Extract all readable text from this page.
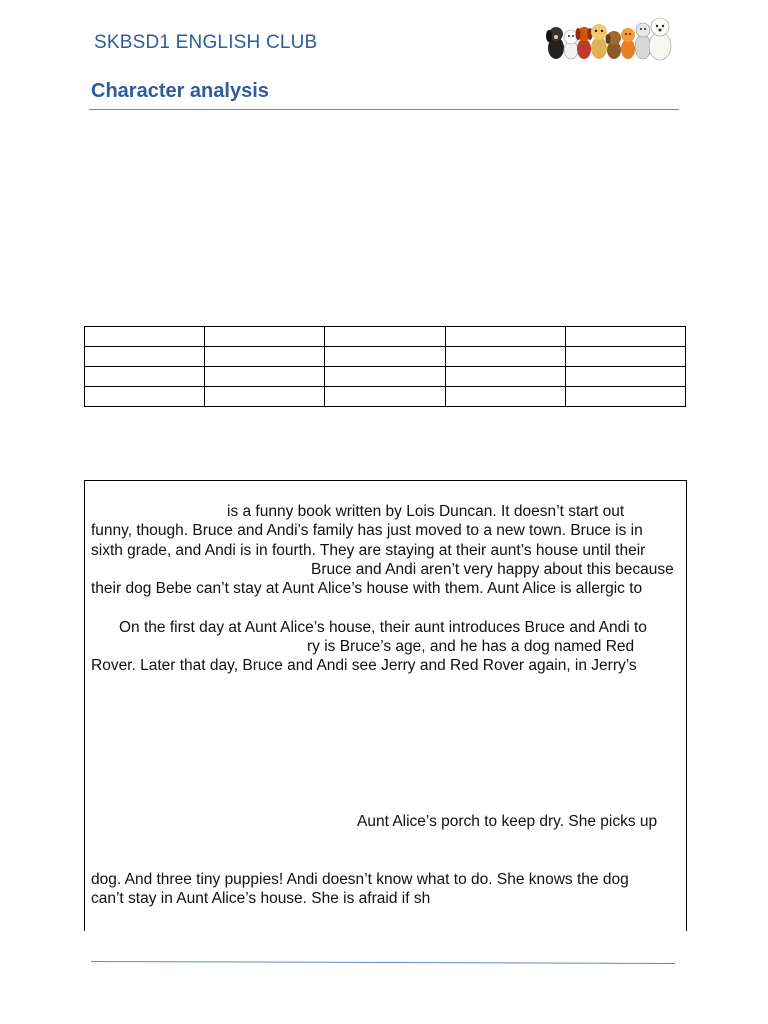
SKBSD1 ENGLISH CLUB
Character analysis

is a funny book written by Lois Duncan. It doesn’t start out
funny, though. Bruce and Andi’s family has just moved to a new town. Bruce is in
sixth grade, and Andi is in fourth. They are staying at their aunt’s house until their
Bruce and Andi aren’t very happy about this because
their dog Bebe can’t stay at Aunt Alice’s house with them. Aunt Alice is allergic to
On the first day at Aunt Alice’s house, their aunt introduces Bruce and Andi to
ry is Bruce’s age, and he has a dog named Red
Rover. Later that day, Bruce and Andi see Jerry and Red Rover again, in Jerry’s
Aunt Alice’s porch to keep dry. She picks up
dog. And three tiny puppies! Andi doesn’t know what to do. She knows the dog
can’t stay in Aunt Alice’s house. She is afraid if sh
